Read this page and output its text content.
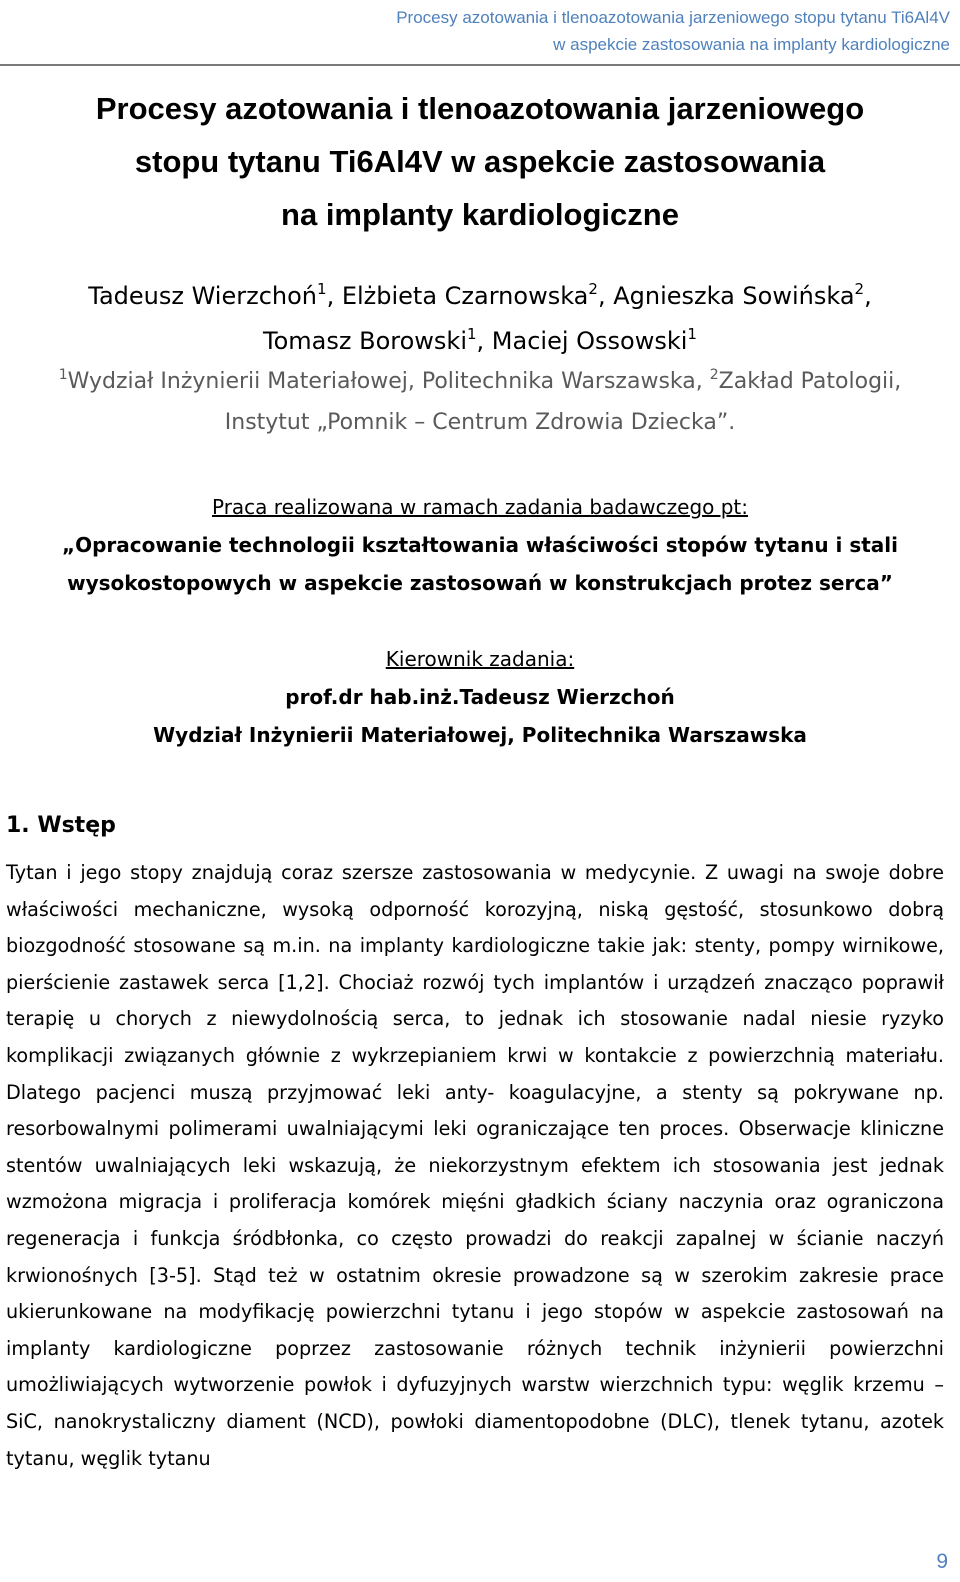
Procesy azotowania i tlenoazotowania jarzeniowego stopu tytanu Ti6Al4V
w aspekcie zastosowania na implanty kardiologiczne
Procesy azotowania i tlenoazotowania jarzeniowego
stopu tytanu Ti6Al4V w aspekcie zastosowania
na implanty kardiologiczne
Tadeusz Wierzchoń$^1$, Elżbieta Czarnowska$^2$, Agnieszka Sowińska$^2$,
Tomasz Borowski$^1$, Maciej Ossowski$^1$
$^1$Wydział Inżynierii Materiałowej, Politechnika Warszawska, $^2$Zakład Patologii,
Instytut „Pomnik – Centrum Zdrowia Dziecka”.
Praca realizowana w ramach zadania badawczego pt:
„Opracowanie technologii kształtowania właściwości stopów tytanu i stali
wysokostopowych w aspekcie zastosowań w konstrukcjach protez serca”
Kierownik zadania:
prof.dr hab.inż.Tadeusz Wierzchoń
Wydział Inżynierii Materiałowej, Politechnika Warszawska
1. Wstęp

Tytan i jego stopy znajdują coraz szersze zastosowania w medycynie. Z uwagi na swoje dobre właściwości mechaniczne, wysoką odporność korozyjną, niską gęstość, stosunkowo dobrą biozgodność stosowane są m.in. na implanty kardiologiczne takie jak: stenty, pompy wirnikowe, pierścienie zastawek serca [1,2]. Chociaż rozwój tych implantów i urządzeń znacząco poprawił terapię u chorych z niewydolnością serca, to jednak ich stosowanie nadal niesie ryzyko komplikacji związanych głównie z wykrzepianiem krwi w kontakcie z powierzchnią materiału. Dlatego pacjenci muszą przyjmować leki anty- koagulacyjne, a stenty są pokrywane np. resorbowalnymi polimerami uwalniającymi leki ograniczające ten proces. Obserwacje kliniczne stentów uwalniających leki wskazują, że niekorzystnym efektem ich stosowania jest jednak wzmożona migracja i proliferacja komórek mięśni gładkich ściany naczynia oraz ograniczona regeneracja i funkcja śródbłonka, co często prowadzi do reakcji zapalnej w ścianie naczyń krwionośnych [3-5]. Stąd też w ostatnim okresie prowadzone są w szerokim zakresie prace ukierunkowane na modyfikację powierzchni tytanu i jego stopów w aspekcie zastosowań na implanty kardiologiczne poprzez zastosowanie różnych technik inżynierii powierzchni umożliwiających wytworzenie powłok i dyfuzyjnych warstw wierzchnich typu: węglik krzemu – SiC, nanokrystaliczny diament (NCD), powłoki diamentopodobne (DLC), tlenek tytanu, azotek tytanu, węglik tytanu

9
